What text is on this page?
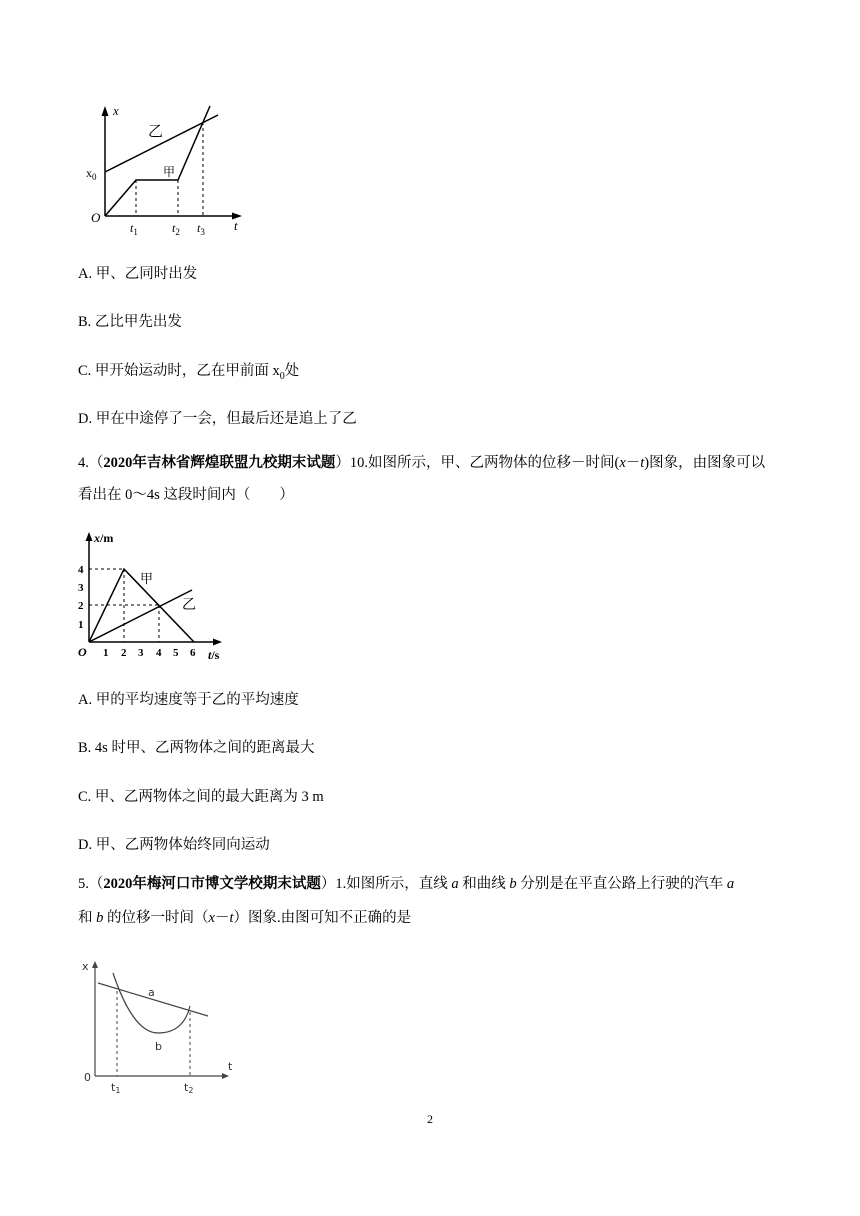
x
t
O
$x_0$
乙
甲
$t_1$	$t_2$ $t_3$
A. 甲、乙同时出发
B. 乙比甲先出发
C. 甲开始运动时，乙在甲前面 $x_0$处
D. 甲在中途停了一会，但最后还是追上了乙
4.（2020年吉林省辉煌联盟九校期末试题）10.如图所示，甲、乙两物体的位移－时间(x－t)图象，由图象可以看出在 0～4s 这段时间内（　　）
x/m
t/s
O
4
3
2
1
1 2 3 4 5 6
甲
乙
A. 甲的平均速度等于乙的平均速度
B. 4s 时甲、乙两物体之间的距离最大
C. 甲、乙两物体之间的最大距离为 3 m
D. 甲、乙两物体始终同向运动
5.（2020年梅河口市博文学校期末试题）1.如图所示，直线 a 和曲线 b 分别是在平直公路上行驶的汽车 a
和 b 的位移一时间（x－t）图象.由图可知不正确的是
x
t
0
a
b
t1	t2
2
